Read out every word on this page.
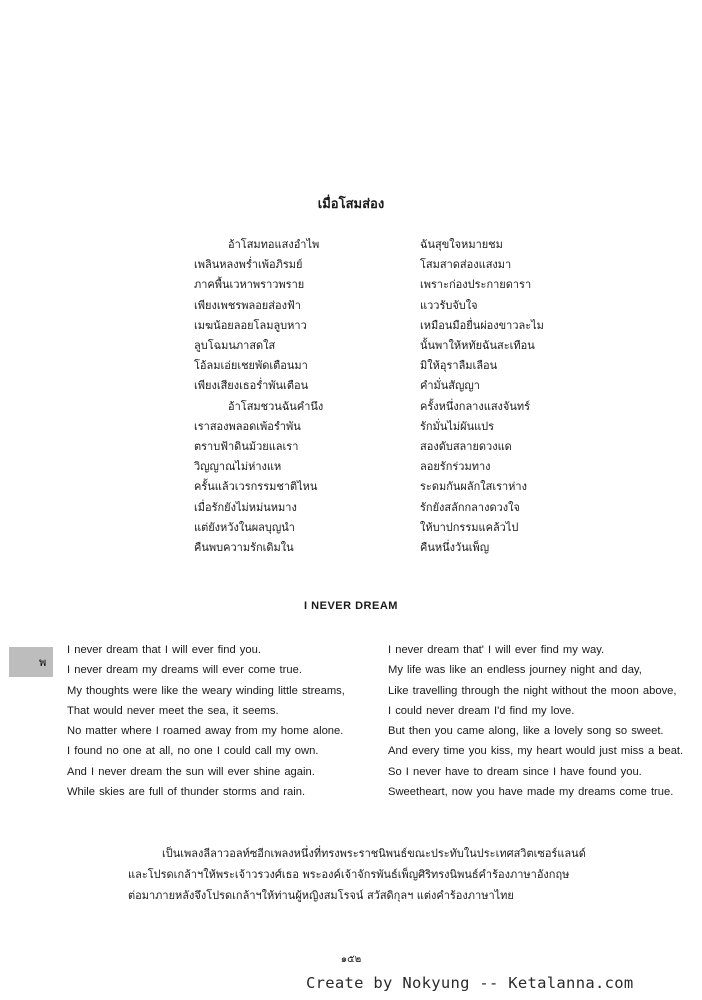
เมื่อโสมส่อง
อ้าโสมทอแสงอำไพ
เพลินหลงพร่ำเพ้อภิรมย์
ภาคพื้นเวหาพราวพราย
เพียงเพชรพลอยส่องฟ้า
เมฆน้อยลอยโลมลูบหาว
ลูบโฉมนภาสดใส
โอ้ลมเอ่ยเชยพัดเตือนมา
เพียงเสียงเธอร่ำพันเตือน
อ้าโสมชวนฉันคำนึง
เราสองพลอดเพ้อรำพัน
ตราบฟ้าดินม้วยแลเรา
วิญญาณไม่ห่างแห
ครั้นแล้วเวรกรรมชาติไหน
เมื่อรักยังไม่หม่นหมาง
แต่ยังหวังในผลบุญนำ
คืนพบความรักเดิมใน
ฉันสุขใจหมายชม
โสมสาดส่องแสงมา
เพราะก่องประกายดารา
แววรับจับใจ
เหมือนมือยื่นผ่องขาวละไม
นั้นพาให้หทัยฉันสะเทือน
มิให้อุราลืมเลือน
คำมั่นสัญญา
ครั้งหนึ่งกลางแสงจันทร์
รักมั่นไม่ผันแปร
สองดับสลายดวงแด
ลอยรักร่วมทาง
ระดมกันผลักใสเราห่าง
รักยังสลักกลางดวงใจ
ให้บาปกรรมแคล้วไป
คืนหนึ่งวันเพ็ญ
I NEVER DREAM
พ
I never dream that I will ever find you.
I never dream my dreams will ever come true.
My thoughts were like the weary winding little streams,
That would never meet the sea, it seems.
No matter where I roamed away from my home alone.
I found no one at all, no one I could call my own.
And I never dream the sun will ever shine again.
While skies are full of thunder storms and rain.
I never dream that' I will ever find my way.
My life was like an endless journey night and day,
Like travelling through the night without the moon above,
I could never dream I'd find my love.
But then you came along, like a lovely song so sweet.
And every time you kiss, my heart would just miss a beat.
So I never have to dream since I have found you.
Sweetheart, now you have made my dreams come true.

เป็นเพลงลีลาวอลท์ซอีกเพลงหนึ่งที่ทรงพระราชนิพนธ์ขณะประทับในประเทศสวิตเซอร์แลนด์

และโปรดเกล้าฯให้พระเจ้าวรวงศ์เธอ พระองค์เจ้าจักรพันธ์เพ็ญศิริทรงนิพนธ์คำร้องภาษาอังกฤษ

ต่อมาภายหลังจึงโปรดเกล้าฯให้ท่านผู้หญิงสมโรจน์ สวัสดิกุลฯ แต่งคำร้องภาษาไทย

๑๕๒
Create by Nokyung -- Ketalanna.com
